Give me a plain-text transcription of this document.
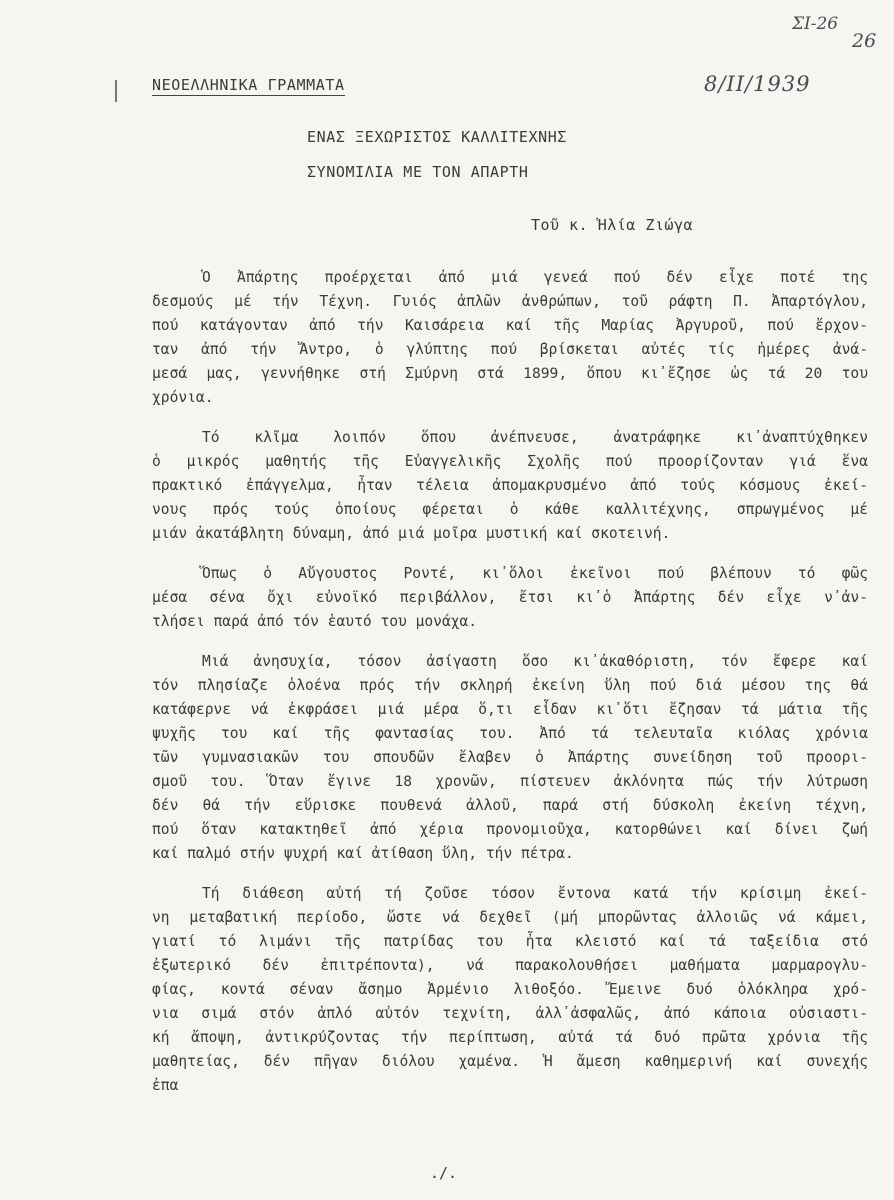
ΣΙ-26
26
8/II/1939
ΝΕΟΕΛΛΗΝΙΚΑ ΓΡΑΜΜΑΤΑ
ΕΝΑΣ ΞΕΧΩΡΙΣΤΟΣ ΚΑΛΛΙΤΕΧΝΗΣ
ΣΥΝΟΜΙΛΙΑ ΜΕ ΤΟΝ ΑΠΑΡΤΗ
Τοῦ κ. Ἡλία Ζιώγα
Ὁ Ἀπάρτης προέρχεται ἀπό μιά γενεά πού δέν εἶχε ποτέ της
δεσμούς μέ τήν Τέχνη. Γυιός ἁπλῶν ἀνθρώπων, τοῦ ράφτη Π. Ἀπαρτόγλου,
πού κατάγονταν ἀπό τήν Καισάρεια καί τῆς Μαρίας Ἀργυροῦ, πού ἔρχον-
ταν ἀπό τήν Ἄντρο, ὁ γλύπτης πού βρίσκεται αὐτές τίς ἡμέρες ἀνά-
μεσά μας, γεννήθηκε στή Σμύρνη στά 1899, ὅπου κι᾽ἔζησε ὡς τά 20 του
χρόνια.
Τό κλῖμα λοιπόν ὅπου ἀνέπνευσε, ἀνατράφηκε κι᾽ἀναπτύχθηκεν
ὁ μικρός μαθητής τῆς Εὐαγγελικῆς Σχολῆς πού προορίζονταν γιά ἕνα
πρακτικό ἐπάγγελμα, ἦταν τέλεια ἀπομακρυσμένο ἀπό τούς κόσμους ἐκεί-
νους πρός τούς ὁποίους φέρεται ὁ κάθε καλλιτέχνης, σπρωγμένος μέ
μιάν ἀκατάβλητη δύναμη, ἀπό μιά μοῖρα μυστική καί σκοτεινή.
Ὅπως ὁ Αὔγουστος Ροντέ, κι᾽ὅλοι ἐκεῖνοι πού βλέπουν τό φῶς
μέσα σένα ὄχι εὐνοϊκό περιβάλλον, ἔτσι κι᾽ὁ Ἀπάρτης δέν εἶχε ν᾽ἀν-
τλήσει παρά ἀπό τόν ἑαυτό του μονάχα.
Μιά ἀνησυχία, τόσον ἀσίγαστη ὅσο κι᾽ἀκαθόριστη, τόν ἔφερε καί
τόν πλησίαζε ὁλοένα πρός τήν σκληρή ἐκείνη ὕλη πού διά μέσου της θά
κατάφερνε νά ἐκφράσει μιά μέρα ὅ,τι εἶδαν κι᾽ὅτι ἔζησαν τά μάτια τῆς
ψυχῆς του καί τῆς φαντασίας του. Ἀπό τά τελευταῖα κιόλας χρόνια
τῶν γυμνασιακῶν του σπουδῶν ἔλαβεν ὁ Ἀπάρτης συνείδηση τοῦ προορι-
σμοῦ του. Ὅταν ἔγινε 18 χρονῶν, πίστευεν ἀκλόνητα πώς τήν λύτρωση
δέν θά τήν εὕρισκε πουθενά ἀλλοῦ, παρά στή δύσκολη ἐκείνη τέχνη,
πού ὅταν κατακτηθεῖ ἀπό χέρια προνομιοῦχα, κατορθώνει καί δίνει ζωή
καί παλμό στήν ψυχρή καί ἀτίθαση ὕλη, τήν πέτρα.
Τή διάθεση αὐτή τή ζοῦσε τόσον ἔντονα κατά τήν κρίσιμη ἐκεί-
νη μεταβατική περίοδο, ὥστε νά δεχθεῖ (μή μπορῶντας ἀλλοιῶς νά κάμει,
γιατί τό λιμάνι τῆς πατρίδας του ἦτα κλειστό καί τά ταξείδια στό
ἐξωτερικό δέν ἐπιτρέποντα), νά παρακολουθήσει μαθήματα μαρμαρογλυ-
φίας, κοντά σέναν ἄσημο Ἀρμένιο λιθοξόο. Ἔμεινε δυό ὁλόκληρα χρό-
νια σιμά στόν ἁπλό αὐτόν τεχνίτη, ἀλλ᾽ἀσφαλῶς, ἀπό κάποια οὐσιαστι-
κή ἄποψη, ἀντικρύζοντας τήν περίπτωση, αὐτά τά δυό πρῶτα χρόνια τῆς
μαθητείας, δέν πῆγαν διόλου χαμένα. Ἡ ἄμεση καθημερινή καί συνεχής
ἐπα
./.
